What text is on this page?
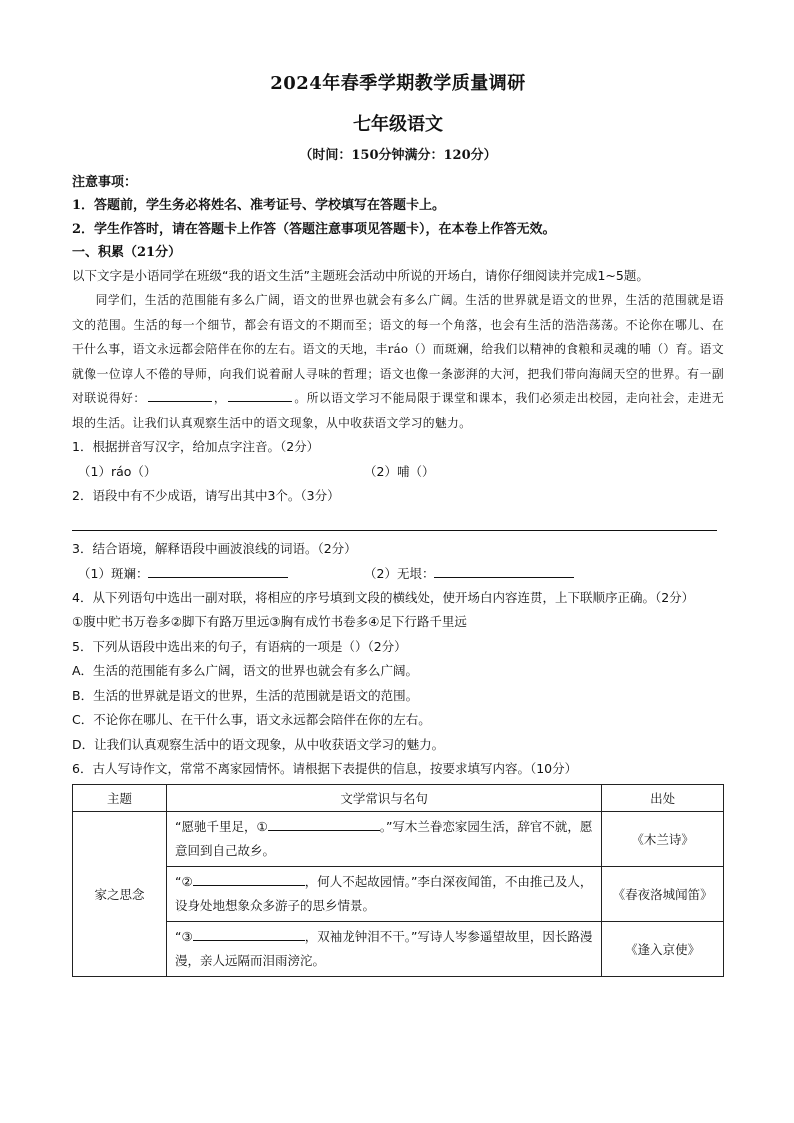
2024年春季学期教学质量调研
七年级语文
（时间：150分钟满分：120分）
注意事项：
1．答题前，学生务必将姓名、准考证号、学校填写在答题卡上。
2．学生作答时，请在答题卡上作答（答题注意事项见答题卡），在本卷上作答无效。
一、积累（21分）
以下文字是小语同学在班级“我的语文生活”主题班会活动中所说的开场白，请你仔细阅读并完成1~5题。

同学们，生活的范围能有多么广阔，语文的世界也就会有多么广阔。生活的世界就是语文的世界，生活的范围就是语文的范围。生活的每一个细节，都会有语文的不期而至；语文的每一个角落，也会有生活的浩浩荡荡。不论你在哪儿、在干什么事，语文永远都会陪伴在你的左右。语文的天地，丰ráo（）而斑斓，给我们以精神的食粮和灵魂的哺（）育。语文就像一位谆人不倦的导师，向我们说着耐人寻味的哲理；语文也像一条澎湃的大河，把我们带向海阔天空的世界。有一副对联说得好：	，	。所以语文学习不能局限于课堂和课本，我们必须走出校园，走向社会，走进无垠的生活。让我们认真观察生活中的语文现象，从中收获语文学习的魅力。

1．根据拼音写汉字，给加点字注音。（2分）
（1）ráo（）	（2）哺（）
2．语段中有不少成语，请写出其中3个。（3分）
3．结合语境，解释语段中画波浪线的词语。（2分）
（1）斑斓：	（2）无垠：
4．从下列语句中选出一副对联，将相应的序号填到文段的横线处，使开场白内容连贯，上下联顺序正确。（2分）
①腹中贮书万卷多②脚下有路万里远③胸有成竹书卷多④足下行路千里远
5．下列从语段中选出来的句子，有语病的一项是（）（2分）
A．生活的范围能有多么广阔，语文的世界也就会有多么广阔。
B．生活的世界就是语文的世界，生活的范围就是语文的范围。
C．不论你在哪儿、在干什么事，语文永远都会陪伴在你的左右。
D．让我们认真观察生活中的语文现象，从中收获语文学习的魅力。
6．古人写诗作文，常常不离家园情怀。请根据下表提供的信息，按要求填写内容。（10分）
主题	文学常识与名句	出处
家之思念	“愿驰千里足，① 。”写木兰眷恋家园生活，辞官不就，愿意回到自己故乡。	《木兰诗》
	“② ，何人不起故园情。”李白深夜闻笛，不由推己及人，设身处地想象众多游子的思乡情景。	《春夜洛城闻笛》
	“③ ，双袖龙钟泪不干。”写诗人岑参遥望故里，因长路漫漫，亲人远隔而泪雨滂沱。	《逢入京使》
